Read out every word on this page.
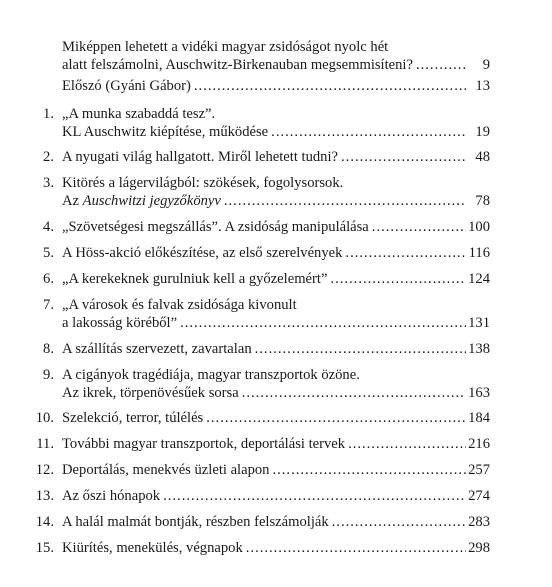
Miképpen lehetett a vidéki magyar zsidóságot nyolc hét
alatt felszámolni, Auschwitz-Birkenauban megsemmisíteni? .....	9
Előszó (Gyáni Gábor) .....	13
1. „A munka szabaddá tesz”.
KL Auschwitz kiépítése, működése .....	19
2. A nyugati világ hallgatott. Miről lehetett tudni? .....	48
3. Kitörés a lágervilágból: szökések, fogolysorsok.
Az Auschwitzi jegyzőkönyv .....	78
4. „Szövetségesi megszállás”. A zsidóság manipulálása .....	100
5. A Höss-akció előkészítése, az első szerelvények .....	116
6. „A kerekeknek gurulniuk kell a győzelemért” .....	124
7. „A városok és falvak zsidósága kivonult
a lakosság köréből” .....	131
8. A szállítás szervezett, zavartalan .....	138
9. A cigányok tragédiája, magyar transzportok özöne.
Az ikrek, törpenövésűek sorsa .....	163
10. Szelekció, terror, túlélés .....	184
11. További magyar transzportok, deportálási tervek .....	216
12. Deportálás, menekvés üzleti alapon .....	257
13. Az őszi hónapok .....	274
14. A halál malmát bontják, részben felszámolják .....	283
15. Kiürítés, menekülés, végnapok .....	298
